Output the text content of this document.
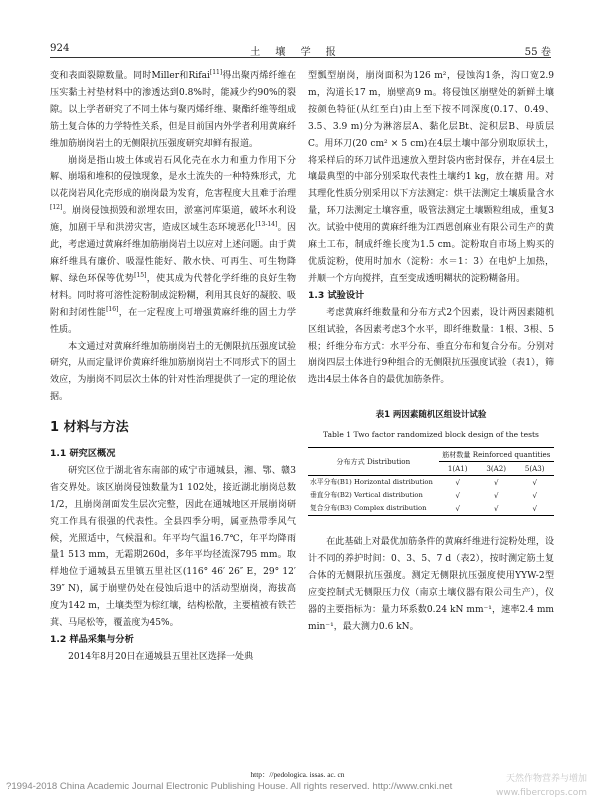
924	土壤学报	55 卷

变和表面裂隙数量。同时Miller和Rifai[11]得出聚丙烯纤维在压实黏土衬垫材料中的渗透达到0.8%时，能减少约90%的裂隙。以上学者研究了不同土体与聚丙烯纤维、聚酯纤维等组成筋土复合体的力学特性关系，但是目前国内外学者利用黄麻纤维加筋崩岗岩土的无侧限抗压强度研究却鲜有报道。

崩岗是指山坡土体或岩石风化壳在水力和重力作用下分解、崩塌和堆积的侵蚀现象，是水土流失的一种特殊形式，尤以花岗岩风化壳形成的崩岗最为发育，危害程度大且难于治理[12]。崩岗侵蚀损毁和淤埋农田，淤塞河库渠道，破坏水利设施，加剧干旱和洪涝灾害，造成区域生态环境恶化[13-14]。因此，考虑通过黄麻纤维加筋崩岗岩土以应对上述问题。由于黄麻纤维具有廉价、吸湿性能好、散水快、可再生、可生物降解、绿色环保等优势[15]，使其成为代替化学纤维的良好生物材料。同时将可溶性淀粉制成淀粉糊，利用其良好的凝胶、吸附和封闭性能[16]，在一定程度上可增强黄麻纤维的固土力学性质。

本文通过对黄麻纤维加筋崩岗岩土的无侧限抗压强度试验研究，从而定量评价黄麻纤维加筋崩岗岩土不同形式下的固土效应，为崩岗不同层次土体的针对性治理提供了一定的理论依据。

1 材料与方法
1.1 研究区概况

研究区位于湖北省东南部的咸宁市通城县，湘、鄂、赣3省交界处。该区崩岗侵蚀数量为1 102处，接近湖北崩岗总数1/2，且崩岗剖面发生层次完整，因此在通城地区开展崩岗研究工作具有很强的代表性。全县四季分明，属亚热带季风气候，光照适中，气候温和。年平均气温16.7℃，年平均降雨量1 513 mm，无霜期260d，多年平均径流深795 mm。取样地位于通城县五里镇五里社区(116° 46′ 26″ E，29° 12′ 39″ N)，属于崩壁仍处在侵蚀后退中的活动型崩岗，海拔高度为142 m，土壤类型为棕红壤，结构松散，主要植被有铁芒萁、马尾松等，覆盖度为45%。

1.2 样品采集与分析

2014年8月20日在通城县五里社区选择一处典

型瓢型崩岗，崩岗面积为126 m²，侵蚀沟1条，沟口宽2.9 m，沟道长17 m，崩壁高9 m。将侵蚀区崩壁处的新鲜土壤按颜色特征(从红至白)由上至下按不同深度(0.17、0.49、3.5、3.9 m)分为淋溶层A、黏化层Bt、淀积层B、母质层C。用环刀(20 cm² × 5 cm)在4层土壤中部分别取原状土，将采样后的环刀试件迅速放入塑封袋内密封保存，并在4层土壤最典型的中部分别采取代表性土壤约1 kg，放在搪 用。对其理化性质分别采用以下方法测定：烘干法测定土壤质量含水量，环刀法测定土壤容重，吸管法测定土壤颗粒组成，重复3次。试验中使用的黄麻纤维为江西恩创麻业有限公司生产的黄麻土工布，制成纤维长度为1.5 cm。淀粉取自市场上购买的优质淀粉，使用时加水（淀粉：水＝1：3）在电炉上加热，并顺一个方向搅拌，直至变成透明糊状的淀粉糊备用。

1.3 试验设计

考虑黄麻纤维数量和分布方式2个因素，设计两因素随机区组试验，各因素考虑3个水平，即纤维数量：1根、3根、5根；纤维分布方式：水平分布、垂直分布和复合分布。分别对崩岗四层土体进行9种组合的无侧限抗压强度试验（表1），筛选出4层土体各自的最优加筋条件。

表1 两因素随机区组设计试验
Table 1 Two factor randomized block design of the tests
分布方式 Distribution	筋材数量 Reinforced quantities		
	1(A1)	3(A2)	5(A3)
水平分布(B1) Horizontal distribution	√	√	√
垂直分布(B2) Vertical distribution	√	√	√
复合分布(B3) Complex distribution	√	√	√

在此基础上对最优加筋条件的黄麻纤维进行淀粉处理，设计不同的养护时间：0、3、5、7 d（表2），按时测定筋土复合体的无侧限抗压强度。测定无侧限抗压强度使用YYW-2型应变控制式无侧限压力仪（南京土壤仪器有限公司生产），仪器的主要指标为：量力环系数0.24 kN mm⁻¹，速率2.4 mm min⁻¹，最大测力0.6 kN。

http：//pedologica. issas. ac. cn
?1994-2018 China Academic Journal Electronic Publishing House. All rights reserved. http://www.cnki.net
天然作物营养与增加
www.fibercrops.com
